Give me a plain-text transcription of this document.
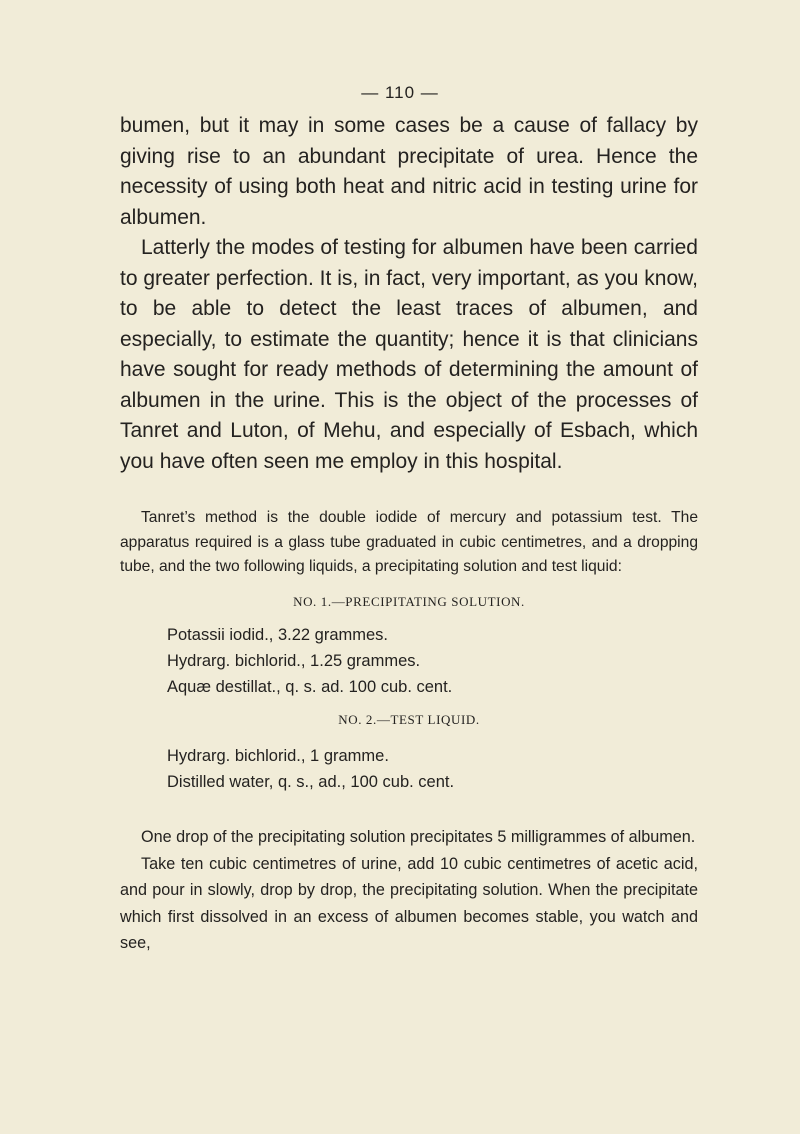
— 110 —

bumen, but it may in some cases be a cause of fallacy by giving rise to an abundant precipitate of urea. Hence the necessity of using both heat and nitric acid in testing urine for albumen.

Latterly the modes of testing for albumen have been carried to greater perfection. It is, in fact, very important, as you know, to be able to detect the least traces of albumen, and especially, to estimate the quantity; hence it is that clinicians have sought for ready methods of determining the amount of albumen in the urine. This is the object of the processes of Tanret and Luton, of Mehu, and especially of Esbach, which you have often seen me employ in this hospital.

Tanret’s method is the double iodide of mercury and potassium test. The apparatus required is a glass tube graduated in cubic centimetres, and a dropping tube, and the two following liquids, a precipitating solution and test liquid:

NO. 1.—PRECIPITATING SOLUTION.
Potassii iodid., 3.22 grammes.
Hydrarg. bichlorid., 1.25 grammes.
Aquæ destillat., q. s. ad. 100 cub. cent.
NO. 2.—TEST LIQUID.
Hydrarg. bichlorid., 1 gramme.
Distilled water, q. s., ad., 100 cub. cent.

One drop of the precipitating solution precipitates 5 milligrammes of albumen.

Take ten cubic centimetres of urine, add 10 cubic centimetres of acetic acid, and pour in slowly, drop by drop, the precipitating solution. When the precipitate which first dissolved in an excess of albumen becomes stable, you watch and see,
